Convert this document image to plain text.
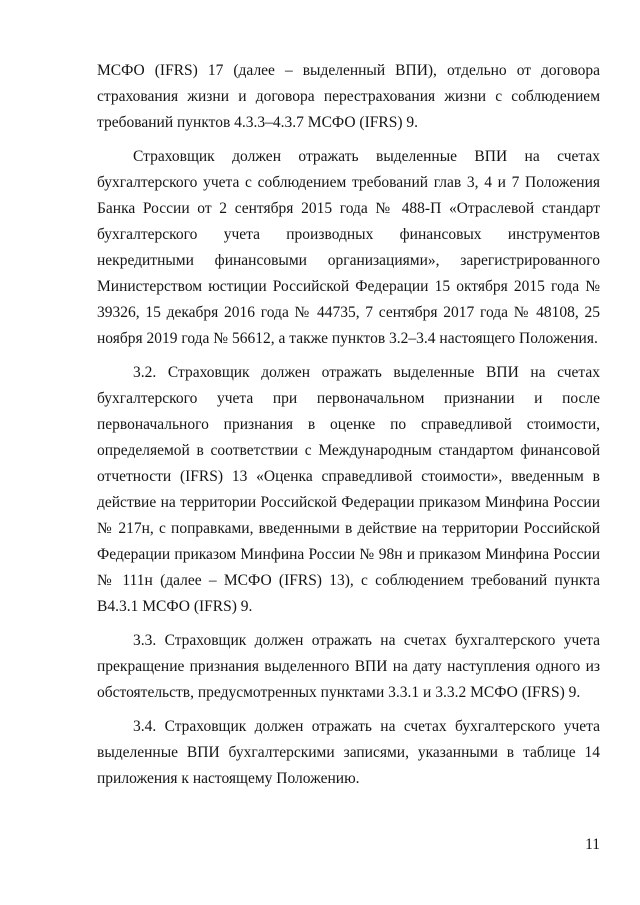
МСФО (IFRS) 17 (далее – выделенный ВПИ), отдельно от договора страхования жизни и договора перестрахования жизни с соблюдением требований пунктов 4.3.3–4.3.7 МСФО (IFRS) 9.

Страховщик должен отражать выделенные ВПИ на счетах бухгалтерского учета с соблюдением требований глав 3, 4 и 7 Положения Банка России от 2 сентября 2015 года № 488-П «Отраслевой стандарт бухгалтерского учета производных финансовых инструментов некредитными финансовыми организациями», зарегистрированного Министерством юстиции Российской Федерации 15 октября 2015 года № 39326, 15 декабря 2016 года № 44735, 7 сентября 2017 года № 48108, 25 ноября 2019 года № 56612, а также пунктов 3.2–3.4 настоящего Положения.

3.2. Страховщик должен отражать выделенные ВПИ на счетах бухгалтерского учета при первоначальном признании и после первоначального признания в оценке по справедливой стоимости, определяемой в соответствии с Международным стандартом финансовой отчетности (IFRS) 13 «Оценка справедливой стоимости», введенным в действие на территории Российской Федерации приказом Минфина России № 217н, с поправками, введенными в действие на территории Российской Федерации приказом Минфина России № 98н и приказом Минфина России № 111н (далее – МСФО (IFRS) 13), с соблюдением требований пункта B4.3.1 МСФО (IFRS) 9.

3.3. Страховщик должен отражать на счетах бухгалтерского учета прекращение признания выделенного ВПИ на дату наступления одного из обстоятельств, предусмотренных пунктами 3.3.1 и 3.3.2 МСФО (IFRS) 9.

3.4. Страховщик должен отражать на счетах бухгалтерского учета выделенные ВПИ бухгалтерскими записями, указанными в таблице 14 приложения к настоящему Положению.

11
